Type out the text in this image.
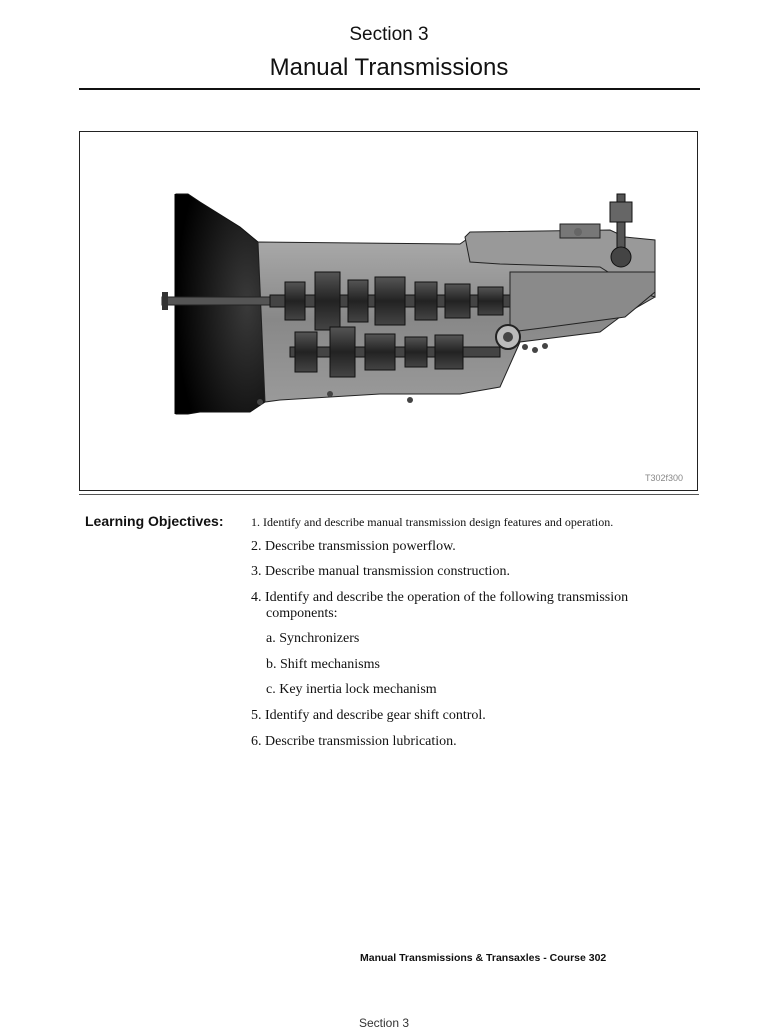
Section 3
Manual Transmissions
T302f300
Learning Objectives: 1. Identify and describe manual transmission design features and operation.
2. Describe transmission powerflow.
3. Describe manual transmission construction.
4. Identify and describe the operation of the following transmission
components:
a. Synchronizers
b. Shift mechanisms
c. Key inertia lock mechanism
5. Identify and describe gear shift control.
6. Describe transmission lubrication.
Manual Transmissions & Transaxles - Course 302
Section 3
